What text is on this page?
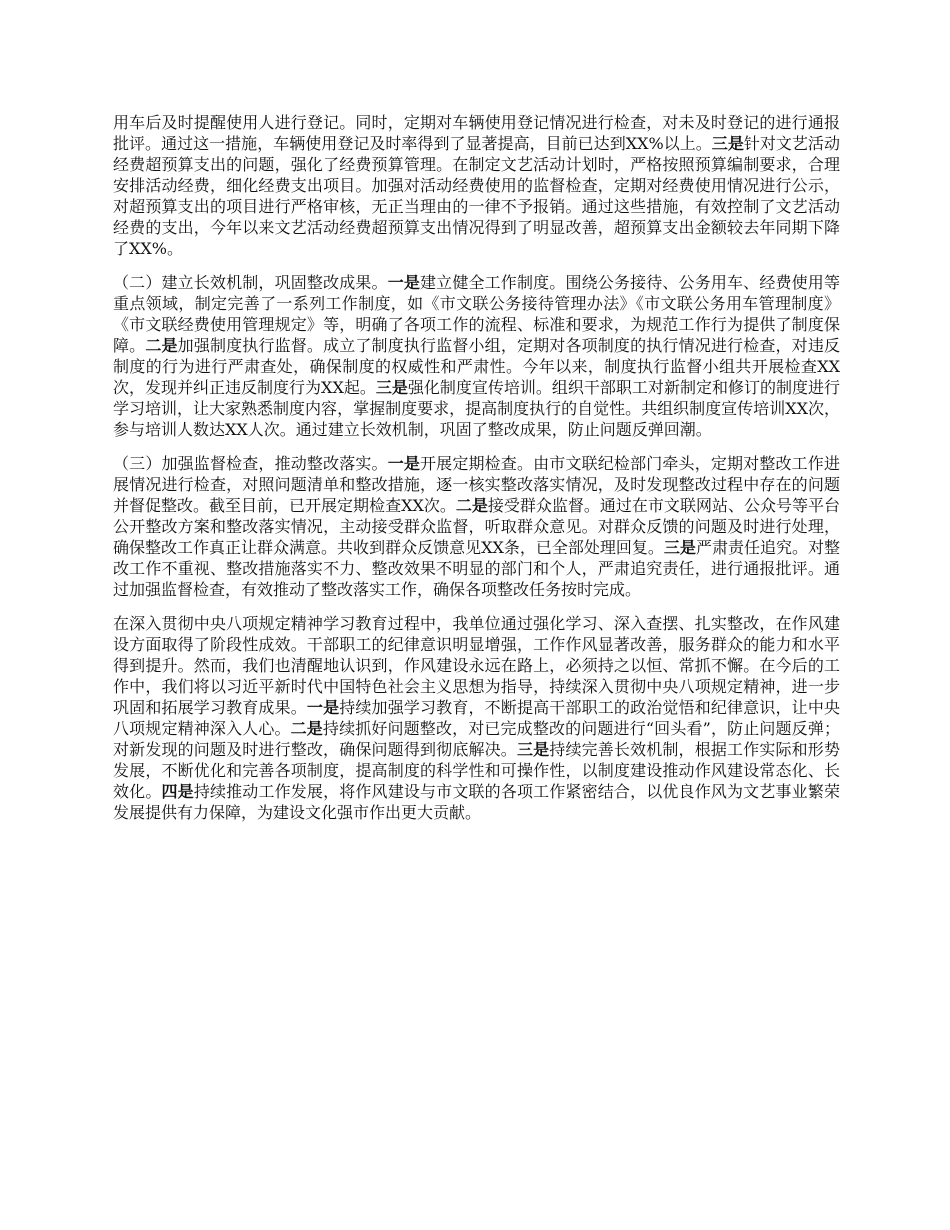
用车后及时提醒使用人进行登记。同时，定期对车辆使用登记情况进行检查，对未及时登记的进行通报批评。通过这一措施，车辆使用登记及时率得到了显著提高，目前已达到XX%以上。三是针对文艺活动经费超预算支出的问题，强化了经费预算管理。在制定文艺活动计划时，严格按照预算编制要求，合理安排活动经费，细化经费支出项目。加强对活动经费使用的监督检查，定期对经费使用情况进行公示，对超预算支出的项目进行严格审核，无正当理由的一律不予报销。通过这些措施，有效控制了文艺活动经费的支出，今年以来文艺活动经费超预算支出情况得到了明显改善，超预算支出金额较去年同期下降了XX%。

（二）建立长效机制，巩固整改成果。一是建立健全工作制度。围绕公务接待、公务用车、经费使用等重点领域，制定完善了一系列工作制度，如《市文联公务接待管理办法》《市文联公务用车管理制度》《市文联经费使用管理规定》等，明确了各项工作的流程、标准和要求，为规范工作行为提供了制度保障。二是加强制度执行监督。成立了制度执行监督小组，定期对各项制度的执行情况进行检查，对违反制度的行为进行严肃查处，确保制度的权威性和严肃性。今年以来，制度执行监督小组共开展检查XX次，发现并纠正违反制度行为XX起。三是强化制度宣传培训。组织干部职工对新制定和修订的制度进行学习培训，让大家熟悉制度内容，掌握制度要求，提高制度执行的自觉性。共组织制度宣传培训XX次，参与培训人数达XX人次。通过建立长效机制，巩固了整改成果，防止问题反弹回潮。

（三）加强监督检查，推动整改落实。一是开展定期检查。由市文联纪检部门牵头，定期对整改工作进展情况进行检查，对照问题清单和整改措施，逐一核实整改落实情况，及时发现整改过程中存在的问题并督促整改。截至目前，已开展定期检查XX次。二是接受群众监督。通过在市文联网站、公众号等平台公开整改方案和整改落实情况，主动接受群众监督，听取群众意见。对群众反馈的问题及时进行处理，确保整改工作真正让群众满意。共收到群众反馈意见XX条，已全部处理回复。三是严肃责任追究。对整改工作不重视、整改措施落实不力、整改效果不明显的部门和个人，严肃追究责任，进行通报批评。通过加强监督检查，有效推动了整改落实工作，确保各项整改任务按时完成。

在深入贯彻中央八项规定精神学习教育过程中，我单位通过强化学习、深入查摆、扎实整改，在作风建设方面取得了阶段性成效。干部职工的纪律意识明显增强，工作作风显著改善，服务群众的能力和水平得到提升。然而，我们也清醒地认识到，作风建设永远在路上，必须持之以恒、常抓不懈。在今后的工作中，我们将以习近平新时代中国特色社会主义思想为指导，持续深入贯彻中央八项规定精神，进一步巩固和拓展学习教育成果。一是持续加强学习教育，不断提高干部职工的政治觉悟和纪律意识，让中央八项规定精神深入人心。二是持续抓好问题整改，对已完成整改的问题进行“回头看”，防止问题反弹；对新发现的问题及时进行整改，确保问题得到彻底解决。三是持续完善长效机制，根据工作实际和形势发展，不断优化和完善各项制度，提高制度的科学性和可操作性，以制度建设推动作风建设常态化、长效化。四是持续推动工作发展，将作风建设与市文联的各项工作紧密结合，以优良作风为文艺事业繁荣发展提供有力保障，为建设文化强市作出更大贡献。
